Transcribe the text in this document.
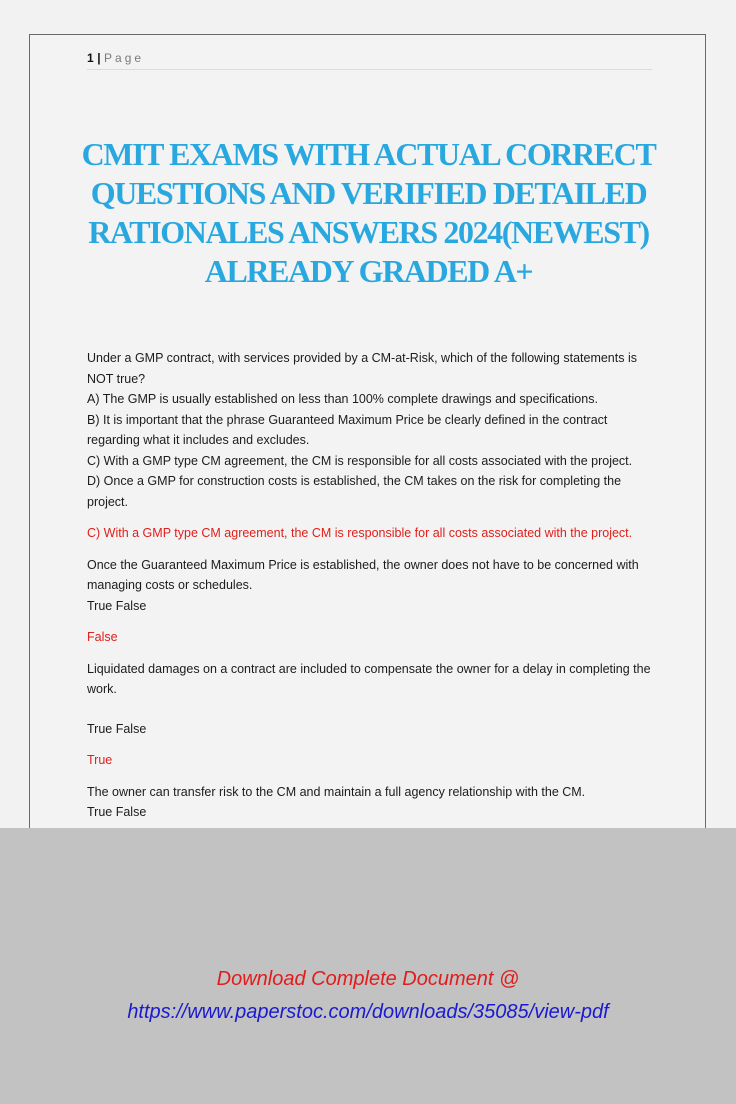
1 | Page
CMIT EXAMS WITH ACTUAL CORRECT QUESTIONS AND VERIFIED DETAILED RATIONALES ANSWERS 2024(NEWEST) ALREADY GRADED A+

Under a GMP contract, with services provided by a CM-at-Risk, which of the following statements is NOT true?

A) The GMP is usually established on less than 100% complete drawings and specifications.

B) It is important that the phrase Guaranteed Maximum Price be clearly defined in the contract regarding what it includes and excludes.

C) With a GMP type CM agreement, the CM is responsible for all costs associated with the project.

D) Once a GMP for construction costs is established, the CM takes on the risk for completing the project.

C) With a GMP type CM agreement, the CM is responsible for all costs associated with the project.

Once the Guaranteed Maximum Price is established, the owner does not have to be concerned with managing costs or schedules.

True False

False

Liquidated damages on a contract are included to compensate the owner for a delay in completing the work.

True False

True

The owner can transfer risk to the CM and maintain a full agency relationship with the CM.

True False

Download Complete Document @
https://www.paperstoc.com/downloads/35085/view-pdf
